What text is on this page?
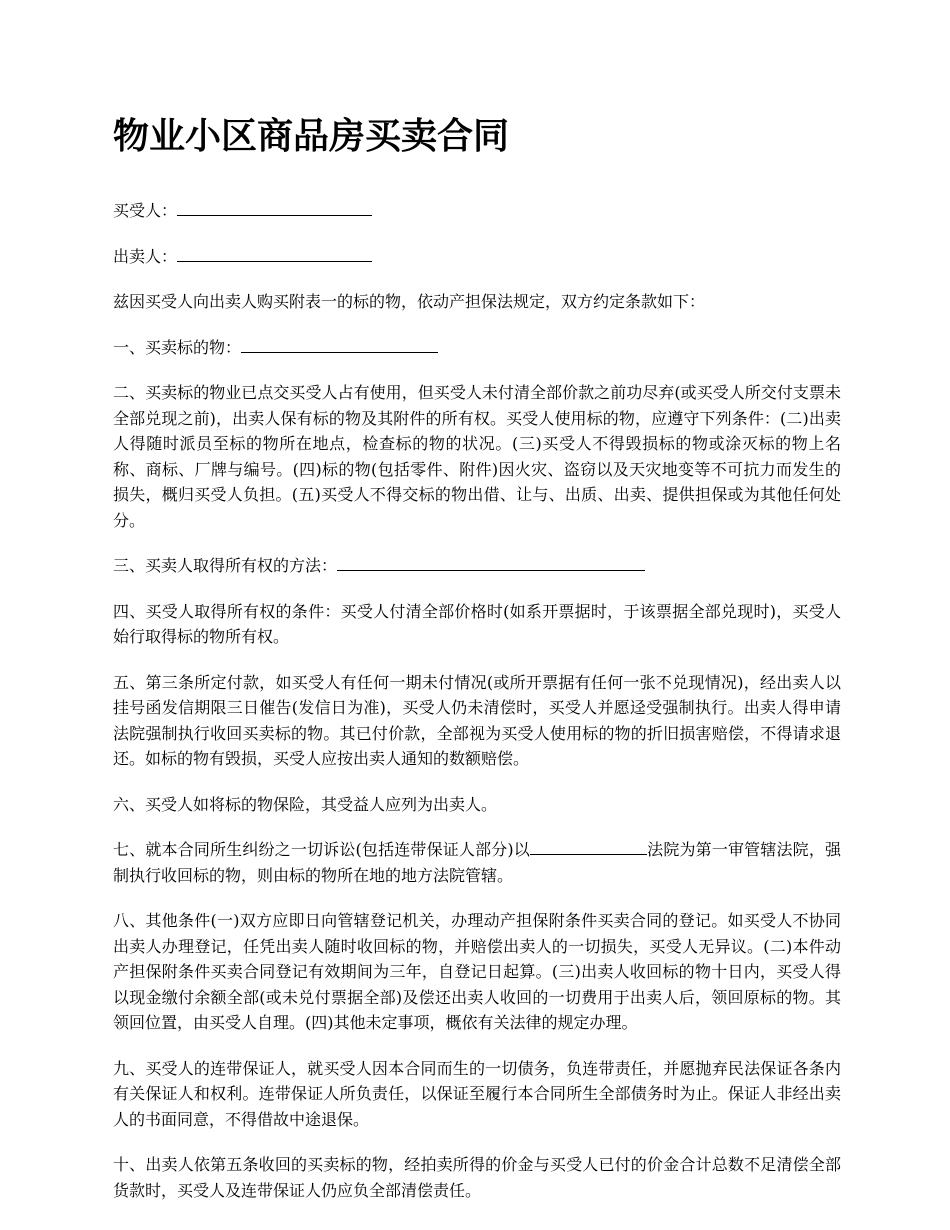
物业小区商品房买卖合同

买受人：

出卖人：

兹因买受人向出卖人购买附表一的标的物，依动产担保法规定，双方约定条款如下：

一、买卖标的物：

二、买卖标的物业已点交买受人占有使用，但买受人未付清全部价款之前功尽弃(或买受人所交付支票未全部兑现之前)，出卖人保有标的物及其附件的所有权。买受人使用标的物，应遵守下列条件：(二)出卖人得随时派员至标的物所在地点，检查标的物的状况。(三)买受人不得毁损标的物或涂灭标的物上名称、商标、厂牌与编号。(四)标的物(包括零件、附件)因火灾、盗窃以及天灾地变等不可抗力而发生的损失，概归买受人负担。(五)买受人不得交标的物出借、让与、出质、出卖、提供担保或为其他任何处分。

三、买卖人取得所有权的方法：

四、买受人取得所有权的条件：买受人付清全部价格时(如系开票据时，于该票据全部兑现时)，买受人始行取得标的物所有权。

五、第三条所定付款，如买受人有任何一期未付情况(或所开票据有任何一张不兑现情况)，经出卖人以挂号函发信期限三日催告(发信日为准)，买受人仍未清偿时，买受人并愿迳受强制执行。出卖人得申请法院强制执行收回买卖标的物。其已付价款，全部视为买受人使用标的物的折旧损害赔偿，不得请求退还。如标的物有毁损，买受人应按出卖人通知的数额赔偿。

六、买受人如将标的物保险，其受益人应列为出卖人。

七、就本合同所生纠纷之一切诉讼(包括连带保证人部分)以	法院为第一审管辖法院，强制执行收回标的物，则由标的物所在地的地方法院管辖。

八、其他条件(一)双方应即日向管辖登记机关，办理动产担保附条件买卖合同的登记。如买受人不协同出卖人办理登记，任凭出卖人随时收回标的物，并赔偿出卖人的一切损失，买受人无异议。(二)本件动产担保附条件买卖合同登记有效期间为三年，自登记日起算。(三)出卖人收回标的物十日内，买受人得以现金缴付余额全部(或未兑付票据全部)及偿还出卖人收回的一切费用于出卖人后，领回原标的物。其领回位置，由买受人自理。(四)其他未定事项，概依有关法律的规定办理。

九、买受人的连带保证人，就买受人因本合同而生的一切债务，负连带责任，并愿抛弃民法保证各条内有关保证人和权利。连带保证人所负责任，以保证至履行本合同所生全部债务时为止。保证人非经出卖人的书面同意，不得借故中途退保。

十、出卖人依第五条收回的买卖标的物，经拍卖所得的价金与买受人已付的价金合计总数不足清偿全部货款时，买受人及连带保证人仍应负全部清偿责任。
